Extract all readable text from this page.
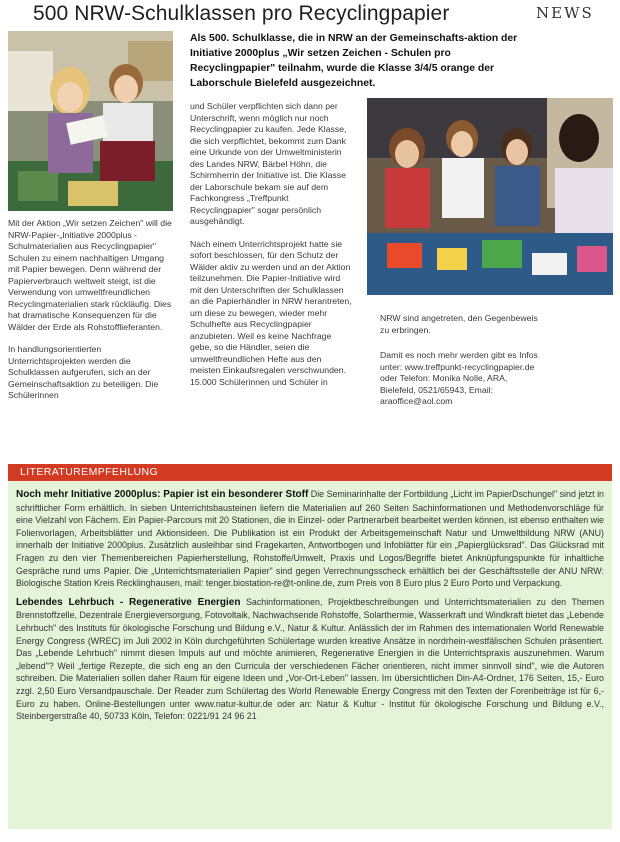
500 NRW-Schulklassen pro Recyclingpapier	NEWS
Als 500. Schulklasse, die in NRW an der Gemeinschafts-aktion der Initiative 2000plus „Wir setzen Zeichen - Schulen pro Recyclingpapier" teilnahm, wurde die Klasse 3/4/5 orange der Laborschule Bielefeld ausgezeichnet.

Mit der Aktion „Wir setzen Zeichen" will die NRW-Papier-„Initiative 2000plus - Schulmaterialien aus Recyclingpapier" Schulen zu einem nachhaltigen Umgang mit Papier bewegen. Denn während der Papierverbrauch weltweit steigt, ist die Verwendung von umweltfreundlichen Recyclingmaterialien stark rückläufig. Dies hat dramatische Konsequenzen für die Wälder der Erde als Rohstofflieferanten.

In handlungsorientierten Unterrichtsprojekten werden die Schulklassen aufgerufen, sich an der Gemeinschaftsaktion zu beteiligen. Die Schülerinnen

und Schüler verpflichten sich dann per Unterschrift, wenn möglich nur noch Recyclingpapier zu kaufen. Jede Klasse, die sich verpflichtet, bekommt zum Dank eine Urkunde von der Umweltministerin des Landes NRW, Bärbel Höhn, die Schirmherrin der Initiative ist. Die Klasse der Laborschule bekam sie auf dem Fachkongress „Treffpunkt Recyclingpapier" sogar persönlich ausgehändigt.

Nach einem Unterrichtsprojekt hatte sie sofort beschlossen, für den Schutz der Wälder aktiv zu werden und an der Aktion teilzunehmen. Die Papier-Initiative wird mit den Unterschriften der Schulklassen an die Papierhändler in NRW herantreten, um diese zu bewegen, wieder mehr Schulhefte aus Recyclingpapier anzubieten. Weil es keine Nachfrage gebe, so die Händler, seien die umweltfreundlichen Hefte aus den meisten Einkaufsregalen verschwunden. 15.000 Schülerinnen und Schüler in

NRW sind angetreten, den Gegenbeweis zu erbringen.

Damit es noch mehr werden gibt es Infos unter: www.treffpunkt-recyclingpapier.de oder Telefon: Monika Nolle, ARA, Bielefeld, 0521/65943, Email: araoffice@aol.com

LITERATUREMPFEHLUNG

Noch mehr Initiative 2000plus: Papier ist ein besonderer Stoff Die Seminarinhalte der Fortbildung „Licht im PapierDschungel" sind jetzt in schriftlicher Form erhältlich. In sieben Unterrichtsbausteinen liefern die Materialien auf 260 Seiten Sachinformationen und Methodenvorschläge für eine Vielzahl von Fächern. Ein Papier-Parcours mit 20 Stationen, die in Einzel- oder Partnerarbeit bearbeitet werden können, ist ebenso enthalten wie Folienvorlagen, Arbeitsblätter und Aktionsideen. Die Publikation ist ein Produkt der Arbeitsgemeinschaft Natur und Umweltbildung NRW (ANU) innerhalb der Initiative 2000plus. Zusätzlich ausleihbar sind Fragekarten, Antwortbogen und Infoblätter für ein „Papierglücksrad". Das Glücksrad mit Fragen zu den vier Themenbereichen Papierherstellung, Rohstoffe/Umwelt, Praxis und Logos/Begriffe bietet Anknüpfungspunkte für inhaltliche Gespräche rund ums Papier. Die „Unterrichtsmaterialien Papier" sind gegen Verrechnungsscheck erhältlich bei der Geschäftsstelle der ANU NRW: Biologische Station Kreis Recklinghausen, mail: tenger.biostation-re@t-online.de, zum Preis von 8 Euro plus 2 Euro Porto und Verpackung.

Lebendes Lehrbuch - Regenerative Energien Sachinformationen, Projektbeschreibungen und Unterrichtsmaterialien zu den Themen Brennstoffzelle, Dezentrale Energieversorgung, Fotovoltaik, Nachwachsende Rohstoffe, Solarthermie, Wasserkraft und Windkraft bietet das „Lebende Lehrbuch" des Instituts für ökologische Forschung und Bildung e.V., Natur & Kultur. Anlässlich der im Rahmen des internationalen World Renewable Energy Congress (WREC) im Juli 2002 in Köln durchgeführten Schülertage wurden kreative Ansätze in nordrhein-westfälischen Schulen präsentiert. Das „Lebende Lehrbuch" nimmt diesen Impuls auf und möchte animieren, Regenerative Energien in die Unterrichtspraxis auszunehmen. Warum „lebend"? Weil „fertige Rezepte, die sich eng an den Curricula der verschiedenen Fächer orientieren, nicht immer sinnvoll sind", wie die Autoren schreiben. Die Materialien sollen daher Raum für eigene Ideen und „Vor-Ort-Leben" lassen. Im übersichtlichen Din-A4-Ordner, 176 Seiten, 15,- Euro zzgl. 2,50 Euro Versandpauschale. Der Reader zum Schülertag des World Renewable Energy Congress mit den Texten der Forenbeiträge ist für 6,- Euro zu haben. Online-Bestellungen unter www.natur-kultur.de oder an: Natur & Kultur - Institut für ökologische Forschung und Bildung e.V., Steinbergerstraße 40, 50733 Köln, Telefon: 0221/91 24 96 21
